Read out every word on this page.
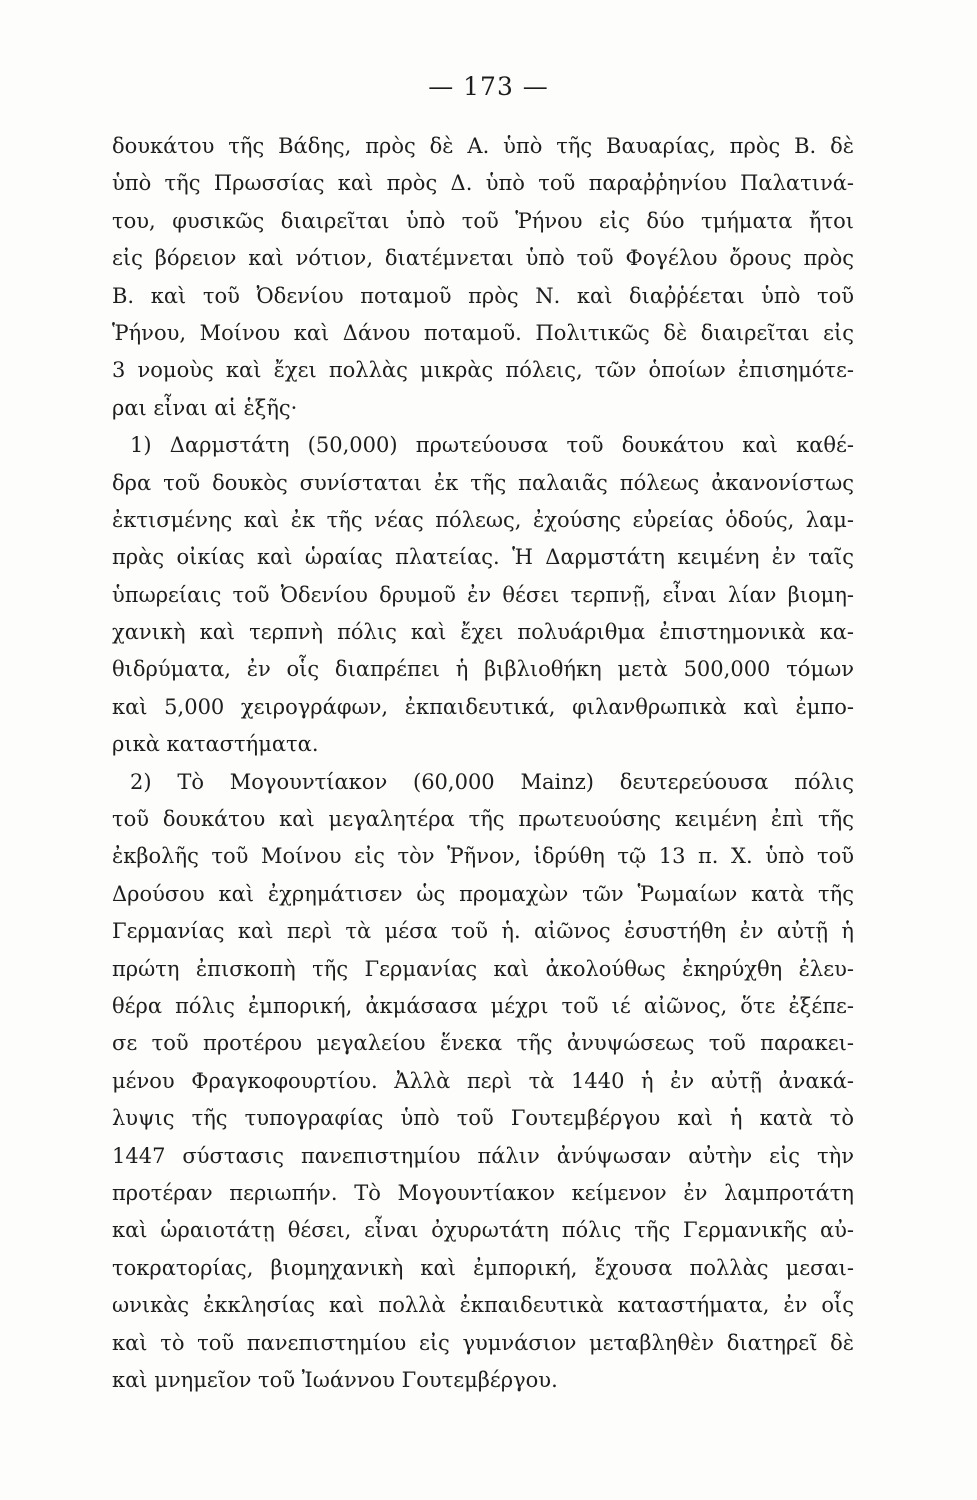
— 173 —
δουκάτου τῆς Βάδης, πρὸς δὲ Α. ὑπὸ τῆς Βαυαρίας, πρὸς Β. δὲ
ὑπὸ τῆς Πρωσσίας καὶ πρὸς Δ. ὑπὸ τοῦ παραῤῥηνίου Παλατινά-
του, φυσικῶς διαιρεῖται ὑπὸ τοῦ Ῥήνου εἰς δύο τμήματα ἤτοι
εἰς βόρειον καὶ νότιον, διατέμνεται ὑπὸ τοῦ Φογέλου ὄρους πρὸς
Β. καὶ τοῦ Ὀδενίου ποταμοῦ πρὸς Ν. καὶ διαῤῥέεται ὑπὸ τοῦ
Ῥήνου, Μοίνου καὶ Δάνου ποταμοῦ. Πολιτικῶς δὲ διαιρεῖται εἰς
3 νομοὺς καὶ ἔχει πολλὰς μικρὰς πόλεις, τῶν ὁποίων ἐπισημότε-
ραι εἶναι αἱ ἑξῆς·
1) Δαρμστάτη (50,000) πρωτεύουσα τοῦ δουκάτου καὶ καθέ-
δρα τοῦ δουκὸς συνίσταται ἐκ τῆς παλαιᾶς πόλεως ἀκανονίστως
ἐκτισμένης καὶ ἐκ τῆς νέας πόλεως, ἐχούσης εὐρείας ὁδούς, λαμ-
πρὰς οἰκίας καὶ ὡραίας πλατείας. Ἡ Δαρμστάτη κειμένη ἐν ταῖς
ὑπωρείαις τοῦ Ὀδενίου δρυμοῦ ἐν θέσει τερπνῇ, εἶναι λίαν βιομη-
χανικὴ καὶ τερπνὴ πόλις καὶ ἔχει πολυάριθμα ἐπιστημονικὰ κα-
θιδρύματα, ἐν οἷς διαπρέπει ἡ βιβλιοθήκη μετὰ 500,000 τόμων
καὶ 5,000 χειρογράφων, ἐκπαιδευτικά, φιλανθρωπικὰ καὶ ἐμπο-
ρικὰ καταστήματα.
2) Τὸ Μογουντίακον (60,000 Mainz) δευτερεύουσα πόλις
τοῦ δουκάτου καὶ μεγαλητέρα τῆς πρωτευούσης κειμένη ἐπὶ τῆς
ἐκβολῆς τοῦ Μοίνου εἰς τὸν Ῥῆνον, ἱδρύθη τῷ 13 π. Χ. ὑπὸ τοῦ
Δρούσου καὶ ἐχρημάτισεν ὡς προμαχὼν τῶν Ῥωμαίων κατὰ τῆς
Γερμανίας καὶ περὶ τὰ μέσα τοῦ ἡ. αἰῶνος ἐσυστήθη ἐν αὐτῇ ἡ
πρώτη ἐπισκοπὴ τῆς Γερμανίας καὶ ἀκολούθως ἐκηρύχθη ἐλευ-
θέρα πόλις ἐμπορική, ἀκμάσασα μέχρι τοῦ ιέ αἰῶνος, ὅτε ἐξέπε-
σε τοῦ προτέρου μεγαλείου ἕνεκα τῆς ἀνυψώσεως τοῦ παρακει-
μένου Φραγκοφουρτίου. Ἀλλὰ περὶ τὰ 1440 ἡ ἐν αὐτῇ ἀνακά-
λυψις τῆς τυπογραφίας ὑπὸ τοῦ Γουτεμβέργου καὶ ἡ κατὰ τὸ
1447 σύστασις πανεπιστημίου πάλιν ἀνύψωσαν αὐτὴν εἰς τὴν
προτέραν περιωπήν. Τὸ Μογουντίακον κείμενον ἐν λαμπροτάτη
καὶ ὡραιοτάτῃ θέσει, εἶναι ὀχυρωτάτη πόλις τῆς Γερμανικῆς αὐ-
τοκρατορίας, βιομηχανικὴ καὶ ἐμπορική, ἔχουσα πολλὰς μεσαι-
ωνικὰς ἐκκλησίας καὶ πολλὰ ἐκπαιδευτικὰ καταστήματα, ἐν οἷς
καὶ τὸ τοῦ πανεπιστημίου εἰς γυμνάσιον μεταβληθὲν διατηρεῖ δὲ
καὶ μνημεῖον τοῦ Ἰωάννου Γουτεμβέργου.
